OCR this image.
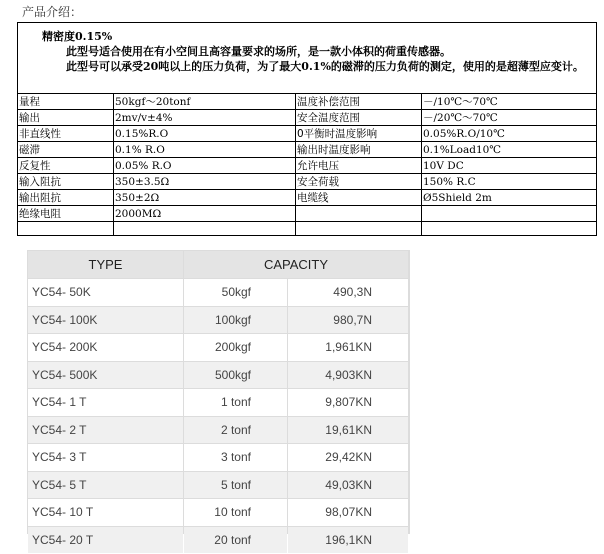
产品介绍：
精密度0.15%
此型号适合使用在有小空间且高容量要求的场所，是一款小体积的荷重传感器。
此型号可以承受20吨以上的压力负荷，为了最大0.1%的磁滞的压力负荷的测定，使用的是超薄型应变计。			

量程	50kgf～20tonf	温度补偿范围	－/10℃～70℃
输出	2mv/v±4%	安全温度范围	－/20℃～70℃
非直线性	0.15%R.O	0平衡时温度影响	0.05%R.O/10℃
磁滞	0.1% R.O	输出时温度影响	0.1%Load10℃
反复性	0.05% R.O	允许电压	10V DC
输入阻抗	350±3.5Ω	安全荷载	150% R.C
输出阻抗	350±2Ω	电缆线	Ø5Shield 2m
绝缘电阻	2000MΩ		

TYPE	CAPACITY	
YC54- 50K	50kgf	490,3N
YC54- 100K	100kgf	980,7N
YC54- 200K	200kgf	1,961KN
YC54- 500K	500kgf	4,903KN
YC54- 1 T	1 tonf	9,807KN
YC54- 2 T	2 tonf	19,61KN
YC54- 3 T	3 tonf	29,42KN
YC54- 5 T	5 tonf	49,03KN
YC54- 10 T	10 tonf	98,07KN
YC54- 20 T	20 tonf	196,1KN
